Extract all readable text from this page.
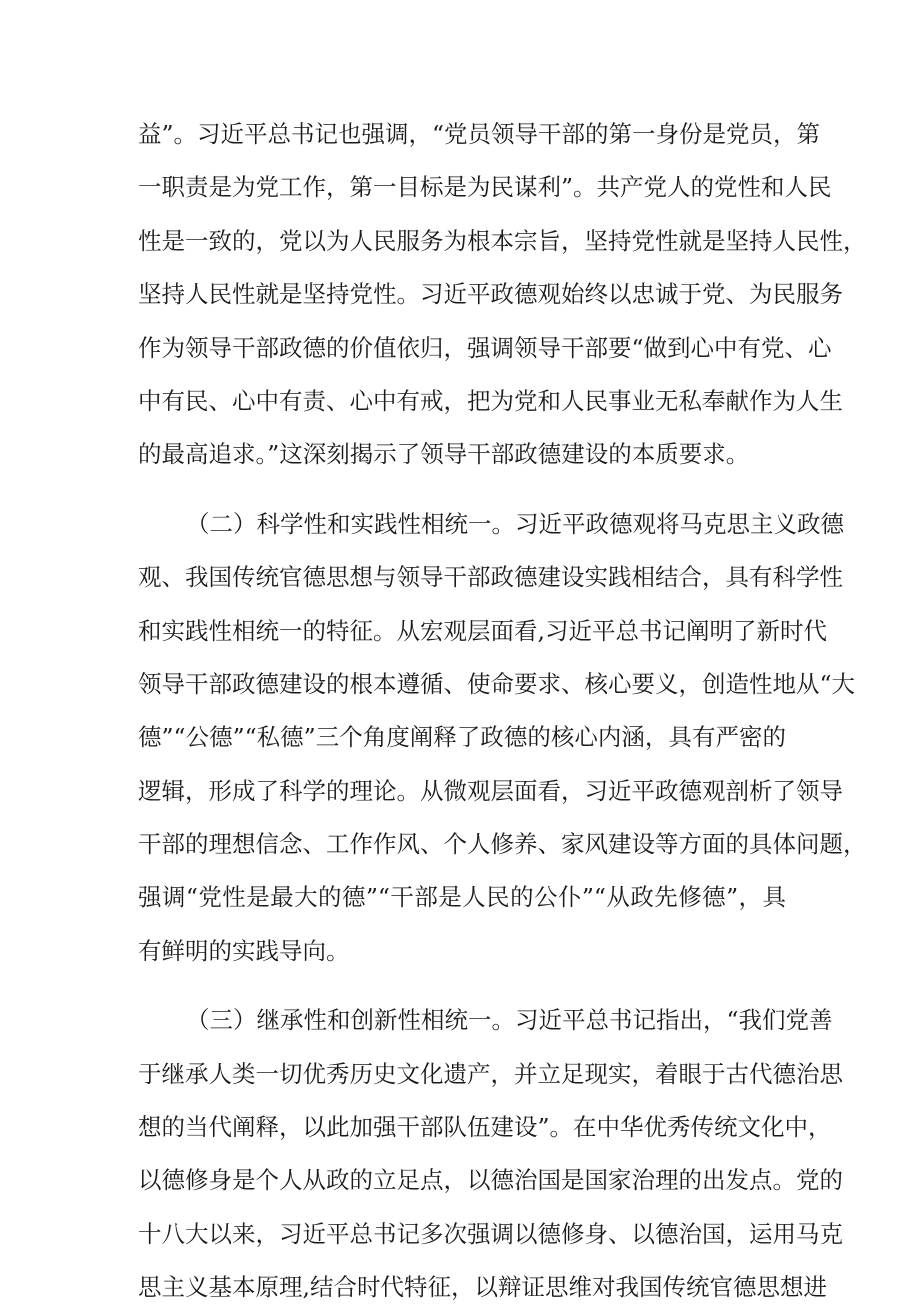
益”。习近平总书记也强调，“党员领导干部的第一身份是党员，第
一职责是为党工作，第一目标是为民谋利”。共产党人的党性和人民
性是一致的，党以为人民服务为根本宗旨，坚持党性就是坚持人民性，
坚持人民性就是坚持党性。习近平政德观始终以忠诚于党、为民服务
作为领导干部政德的价值依归，强调领导干部要“做到心中有党、心
中有民、心中有责、心中有戒，把为党和人民事业无私奉献作为人生
的最高追求。”这深刻揭示了领导干部政德建设的本质要求。
（二）科学性和实践性相统一。习近平政德观将马克思主义政德
观、我国传统官德思想与领导干部政德建设实践相结合，具有科学性
和实践性相统一的特征。从宏观层面看,习近平总书记阐明了新时代
领导干部政德建设的根本遵循、使命要求、核心要义，创造性地从“大
德”“公德”“私德”三个角度阐释了政德的核心内涵，具有严密的
逻辑，形成了科学的理论。从微观层面看，习近平政德观剖析了领导
干部的理想信念、工作作风、个人修养、家风建设等方面的具体问题，
强调“党性是最大的德”“干部是人民的公仆”“从政先修德”，具
有鲜明的实践导向。
（三）继承性和创新性相统一。习近平总书记指出，“我们党善
于继承人类一切优秀历史文化遗产，并立足现实，着眼于古代德治思
想的当代阐释，以此加强干部队伍建设”。在中华优秀传统文化中，
以德修身是个人从政的立足点，以德治国是国家治理的出发点。党的
十八大以来，习近平总书记多次强调以德修身、以德治国，运用马克
思主义基本原理,结合时代特征，以辩证思维对我国传统官德思想进
